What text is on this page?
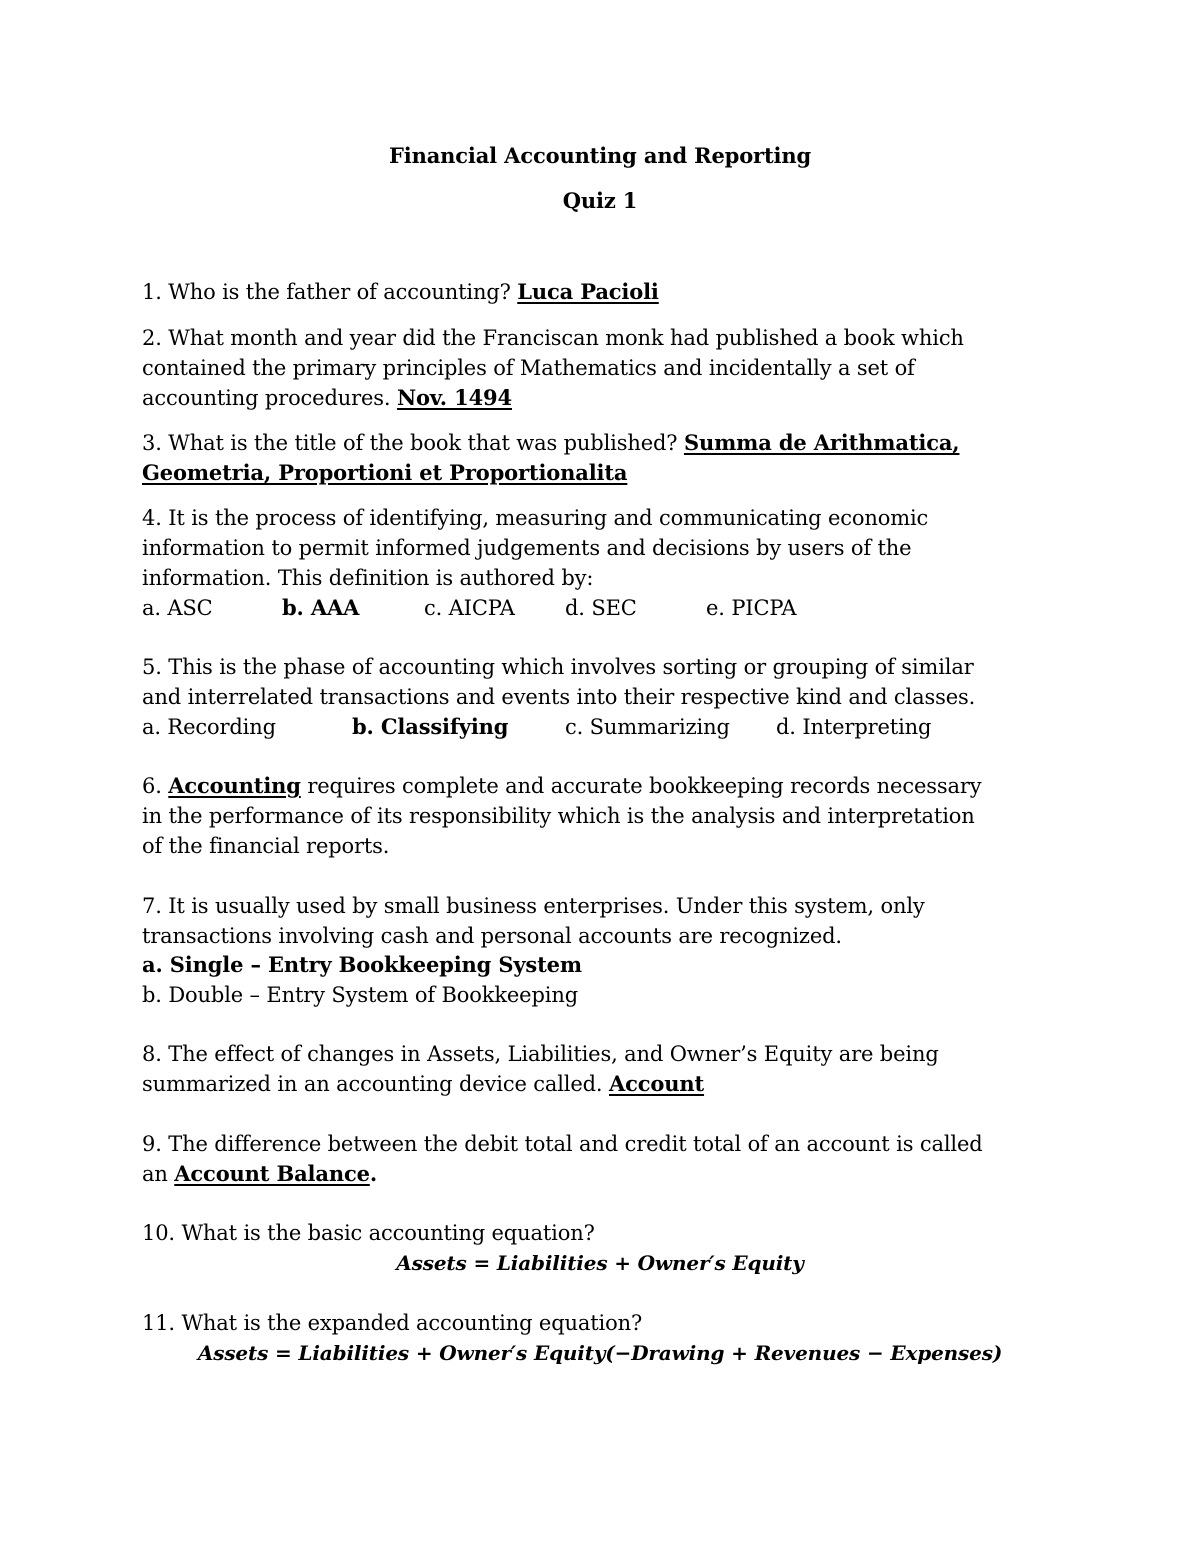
Financial Accounting and Reporting
Quiz 1
1. Who is the father of accounting? Luca Pacioli
2. What month and year did the Franciscan monk had published a book which
contained the primary principles of Mathematics and incidentally a set of
accounting procedures. Nov. 1494
3. What is the title of the book that was published? Summa de Arithmatica,
Geometria, Proportioni et Proportionalita
4. It is the process of identifying, measuring and communicating economic
information to permit informed judgements and decisions by users of the
information. This definition is authored by:
a. ASC	b. AAA	c. AICPA d. SEC	e. PICPA
5. This is the phase of accounting which involves sorting or grouping of similar
and interrelated transactions and events into their respective kind and classes.
a. Recording	b. Classifying	c. Summarizing d. Interpreting
6. Accounting requires complete and accurate bookkeeping records necessary
in the performance of its responsibility which is the analysis and interpretation
of the financial reports.
7. It is usually used by small business enterprises. Under this system, only
transactions involving cash and personal accounts are recognized.
a. Single – Entry Bookkeeping System
b. Double – Entry System of Bookkeeping
8. The effect of changes in Assets, Liabilities, and Owner’s Equity are being
summarized in an accounting device called. Account
9. The difference between the debit total and credit total of an account is called
an Account Balance.
10. What is the basic accounting equation?
Assets = Liabilities + Owner′s Equity
11. What is the expanded accounting equation?
Assets = Liabilities + Owner′s Equity(−Drawing + Revenues − Expenses)
